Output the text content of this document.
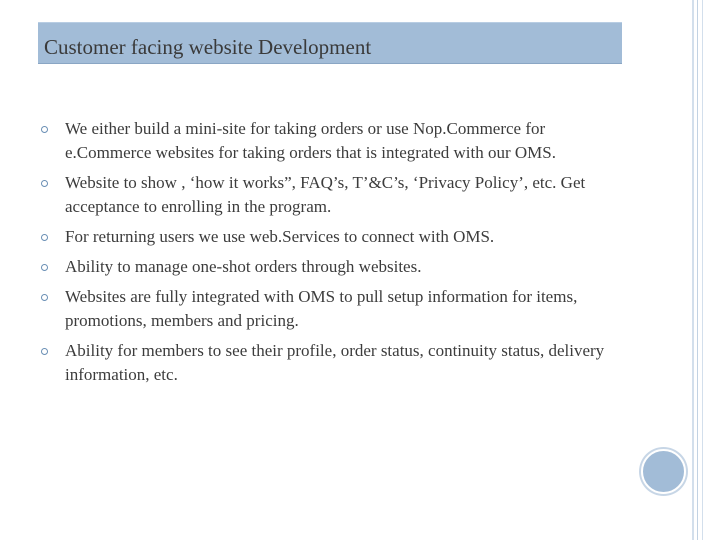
Customer facing website Development
We either build a mini-site for taking orders or use Nop.Commerce for e.Commerce websites for taking orders that is integrated with our OMS.
Website to show , ‘how it works”, FAQ’s, T’&C’s, ‘Privacy Policy’, etc. Get acceptance to enrolling in the program.
For returning users we use web.Services to connect with OMS.
Ability to manage one-shot orders through websites.
Websites are fully integrated with OMS to pull setup information for items, promotions, members and pricing.
Ability for members to see their profile, order status, continuity status, delivery information, etc.
